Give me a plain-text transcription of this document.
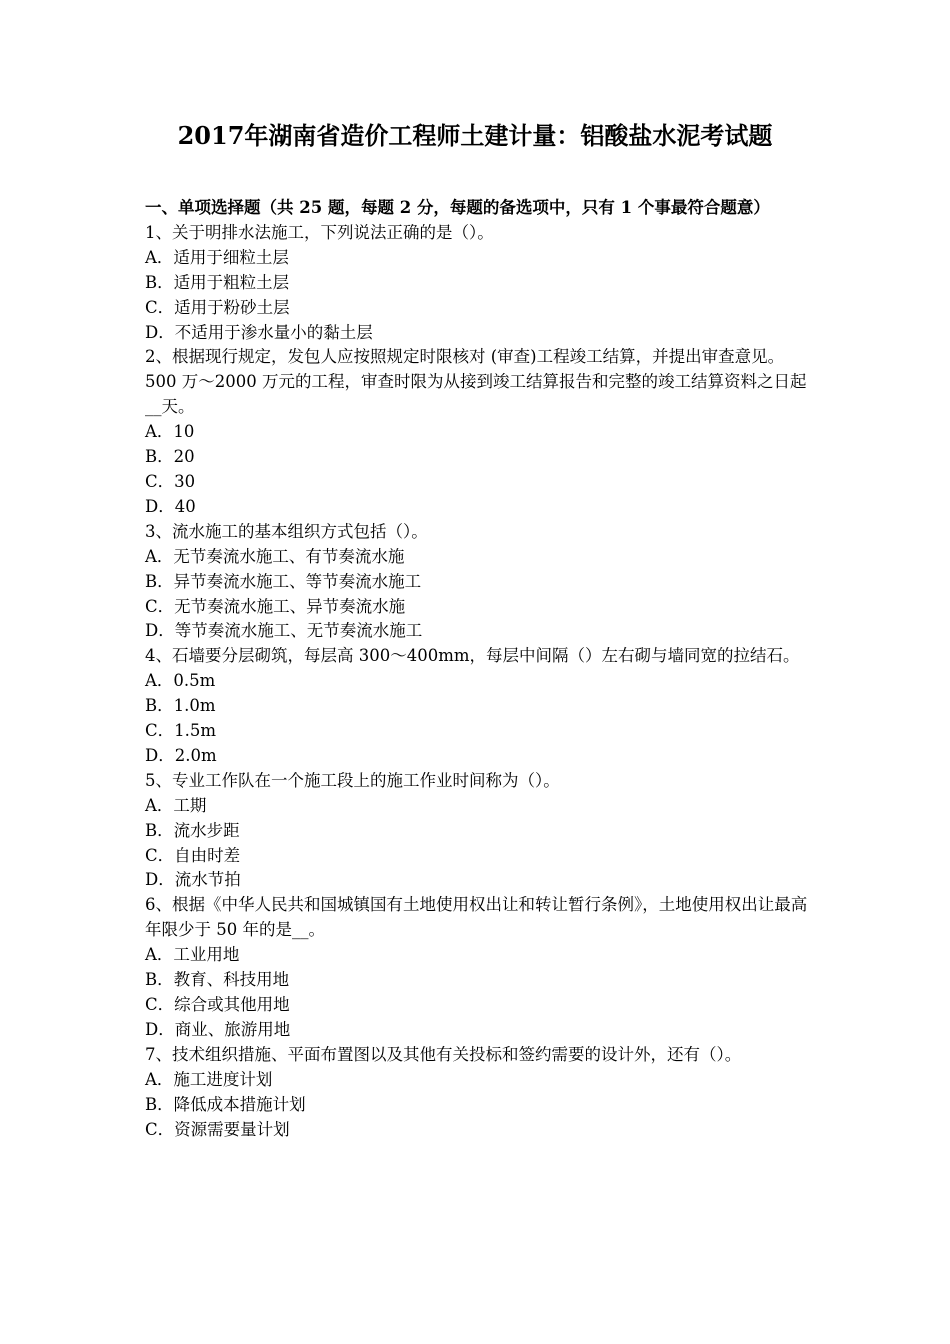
2017年湖南省造价工程师土建计量：铝酸盐水泥考试题

一、单项选择题（共 25 题，每题 2 分，每题的备选项中，只有 1 个事最符合题意）

1、关于明排水法施工，下列说法正确的是（）。

A．适用于细粒土层

B．适用于粗粒土层

C．适用于粉砂土层

D．不适用于渗水量小的黏土层

2、根据现行规定，发包人应按照规定时限核对 (审查)工程竣工结算，并提出审查意见。500 万～2000 万元的工程，审查时限为从接到竣工结算报告和完整的竣工结算资料之日起__天。

A．10

B．20

C．30

D．40

3、流水施工的基本组织方式包括（）。

A．无节奏流水施工、有节奏流水施

B．异节奏流水施工、等节奏流水施工

C．无节奏流水施工、异节奏流水施

D．等节奏流水施工、无节奏流水施工

4、石墙要分层砌筑，每层高 300～400mm，每层中间隔（）左右砌与墙同宽的拉结石。

A．0.5m

B．1.0m

C．1.5m

D．2.0m

5、专业工作队在一个施工段上的施工作业时间称为（）。

A．工期

B．流水步距

C．自由时差

D．流水节拍

6、根据《中华人民共和国城镇国有土地使用权出让和转让暂行条例》，土地使用权出让最高年限少于 50 年的是__。

A．工业用地

B．教育、科技用地

C．综合或其他用地

D．商业、旅游用地

7、技术组织措施、平面布置图以及其他有关投标和签约需要的设计外，还有（）。

A．施工进度计划

B．降低成本措施计划

C．资源需要量计划
